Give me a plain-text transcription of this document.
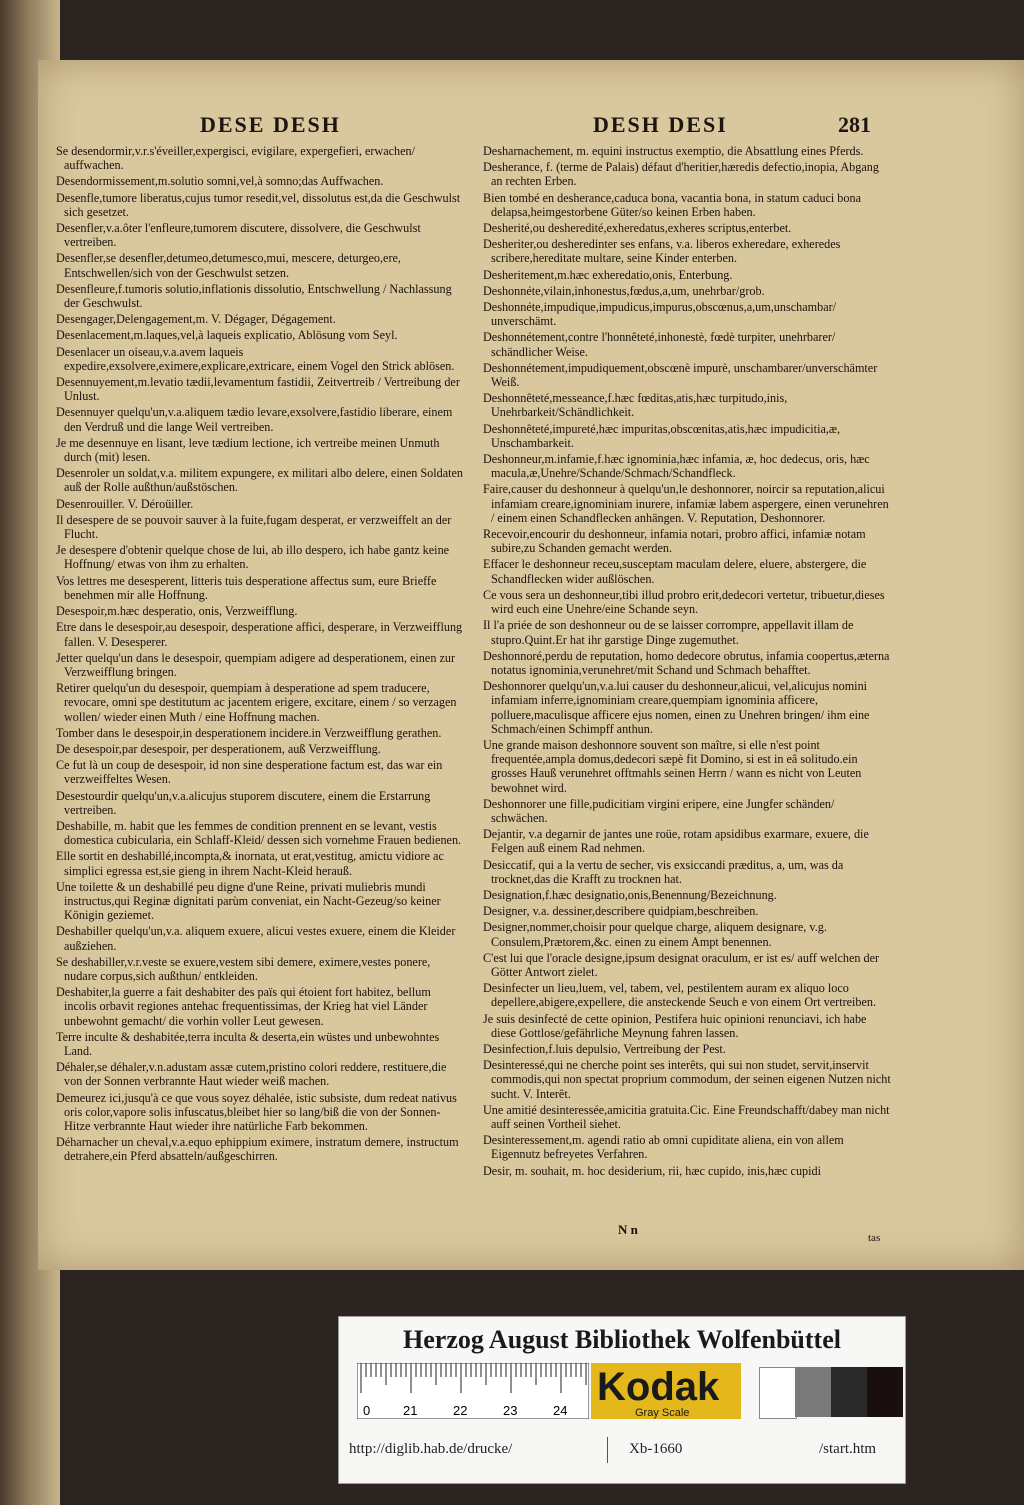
DESE DESH	DESH DESI	281

Se desendormir,v.r.s'éveiller,expergisci, evigilare, expergefieri, erwachen/ auffwachen.

Desendormissement,m.solutio somni,vel,à somno;das Auffwachen.

Desenfle,tumore liberatus,cujus tumor resedit,vel, dissolutus est,da die Geschwulst sich gesetzet.

Desenfler,v.a.ôter l'enfleure,tumorem discutere, dissolvere, die Geschwulst vertreiben.

Desenfler,se desenfler,detumeo,detumesco,mui, mescere, deturgeo,ere, Entschwellen/sich von der Geschwulst setzen.

Desenfleure,f.tumoris solutio,inflationis dissolutio, Entschwellung / Nachlassung der Geschwulst.

Desengager,Delengagement,m. V. Dégager, Dégagement.

Desenlacement,m.laques,vel,à laqueis explicatio, Ablösung vom Seyl.

Desenlacer un oiseau,v.a.avem laqueis expedire,exsolvere,eximere,explicare,extricare, einem Vogel den Strick ablösen.

Desennuyement,m.levatio tædii,levamentum fastidii, Zeitvertreib / Vertreibung der Unlust.

Desennuyer quelqu'un,v.a.aliquem tædio levare,exsolvere,fastidio liberare, einem den Verdruß und die lange Weil vertreiben.

Je me desennuye en lisant, leve tædium lectione, ich vertreibe meinen Unmuth durch (mit) lesen.

Desenroler un soldat,v.a. militem expungere, ex militari albo delere, einen Soldaten auß der Rolle außthun/außstöschen.

Desenrouiller. V. Déroüiller.

Il desespere de se pouvoir sauver à la fuite,fugam desperat, er verzweiffelt an der Flucht.

Je desespere d'obtenir quelque chose de lui, ab illo despero, ich habe gantz keine Hoffnung/ etwas von ihm zu erhalten.

Vos lettres me desesperent, litteris tuis desperatione affectus sum, eure Brieffe benehmen mir alle Hoffnung.

Desespoir,m.hæc desperatio, onis, Verzweifflung.

Etre dans le desespoir,au desespoir, desperatione affici, desperare, in Verzweifflung fallen. V. Desesperer.

Jetter quelqu'un dans le desespoir, quempiam adigere ad desperationem, einen zur Verzweifflung bringen.

Retirer quelqu'un du desespoir, quempiam à desperatione ad spem traducere, revocare, omni spe destitutum ac jacentem erigere, excitare, einem / so verzagen wollen/ wieder einen Muth / eine Hoffnung machen.

Tomber dans le desespoir,in desperationem incidere.in Verzweifflung gerathen.

De desespoir,par desespoir, per desperationem, auß Verzweifflung.

Ce fut là un coup de desespoir, id non sine desperatione factum est, das war ein verzweiffeltes Wesen.

Desestourdir quelqu'un,v.a.alicujus stuporem discutere, einem die Erstarrung vertreiben.

Deshabille, m. habit que les femmes de condition prennent en se levant, vestis domestica cubicularia, ein Schlaff-Kleid/ dessen sich vornehme Frauen bedienen.

Elle sortit en deshabillé,incompta,& inornata, ut erat,vestitug, amictu vidiore ac simplici egressa est,sie gieng in ihrem Nacht-Kleid herauß.

Une toilette & un deshabillé peu digne d'une Reine, privati muliebris mundi instructus,qui Reginæ dignitati parùm conveniat, ein Nacht-Gezeug/so keiner Königin geziemet.

Deshabiller quelqu'un,v.a. aliquem exuere, alicui vestes exuere, einem die Kleider außziehen.

Se deshabiller,v.r.veste se exuere,vestem sibi demere, eximere,vestes ponere, nudare corpus,sich außthun/ entkleiden.

Deshabiter,la guerre a fait deshabiter des païs qui étoient fort habitez, bellum incolis orbavit regiones antehac frequentissimas, der Krieg hat viel Länder unbewohnt gemacht/ die vorhin voller Leut gewesen.

Terre inculte & deshabitée,terra inculta & deserta,ein wüstes und unbewohntes Land.

Déhaler,se déhaler,v.n.adustam assæ cutem,pristino colori reddere, restituere,die von der Sonnen verbrannte Haut wieder weiß machen.

Demeurez ici,jusqu'à ce que vous soyez déhalée, istic subsiste, dum redeat nativus oris color,vapore solis infuscatus,bleibet hier so lang/biß die von der Sonnen-Hitze verbrannte Haut wieder ihre natürliche Farb bekommen.

Déharnacher un cheval,v.a.equo ephippium eximere, instratum demere, instructum detrahere,ein Pferd absatteln/außgeschirren.

Desharnachement, m. equini instructus exemptio, die Absattlung eines Pferds.

Desherance, f. (terme de Palais) défaut d'heritier,hæredis defectio,inopia, Abgang an rechten Erben.

Bien tombé en desherance,caduca bona, vacantia bona, in statum caduci bona delapsa,heimgestorbene Güter/so keinen Erben haben.

Desherité,ou desheredité,exheredatus,exheres scriptus,enterbet.

Desheriter,ou desheredinter ses enfans, v.a. liberos exheredare, exheredes scribere,hereditate multare, seine Kinder enterben.

Desheritement,m.hæc exheredatio,onis, Enterbung.

Deshonnéte,vilain,inhonestus,fœdus,a,um, unehrbar/grob.

Deshonnéte,impudique,impudicus,impurus,obscœnus,a,um,unschambar/ unverschämt.

Deshonnétement,contre l'honnêteté,inhonestè, fœdè turpiter, unehrbarer/ schändlicher Weise.

Deshonnétement,impudiquement,obscœnè impurè, unschambarer/unverschämter Weiß.

Deshonnêteté,messeance,f.hæc fœditas,atis,hæc turpitudo,inis, Unehrbarkeit/Schändlichkeit.

Deshonnêteté,impureté,hæc impuritas,obscœnitas,atis,hæc impudicitia,æ, Unschambarkeit.

Deshonneur,m.infamie,f.hæc ignominia,hæc infamia, æ, hoc dedecus, oris, hæc macula,æ,Unehre/Schande/Schmach/Schandfleck.

Faire,causer du deshonneur à quelqu'un,le deshonnorer, noircir sa reputation,alicui infamiam creare,ignominiam inurere, infamiæ labem aspergere, einen verunehren / einem einen Schandflecken anhängen. V. Reputation, Deshonnorer.

Recevoir,encourir du deshonneur, infamia notari, probro affici, infamiæ notam subire,zu Schanden gemacht werden.

Effacer le deshonneur receu,susceptam maculam delere, eluere, abstergere, die Schandflecken wider außlöschen.

Ce vous sera un deshonneur,tibi illud probro erit,dedecori vertetur, tribuetur,dieses wird euch eine Unehre/eine Schande seyn.

Il l'a priée de son deshonneur ou de se laisser corrompre, appellavit illam de stupro.Quint.Er hat ihr garstige Dinge zugemuthet.

Deshonnoré,perdu de reputation, homo dedecore obrutus, infamia coopertus,æterna notatus ignominia,verunehret/mit Schand und Schmach behafftet.

Deshonnorer quelqu'un,v.a.lui causer du deshonneur,alicui, vel,alicujus nomini infamiam inferre,ignominiam creare,quempiam ignominia afficere, polluere,maculisque afficere ejus nomen, einen zu Unehren bringen/ ihm eine Schmach/einen Schimpff anthun.

Une grande maison deshonnore souvent son maître, si elle n'est point frequentée,ampla domus,dedecori sæpè fit Domino, si est in eâ solitudo.ein grosses Hauß verunehret offtmahls seinen Herrn / wann es nicht von Leuten bewohnet wird.

Deshonnorer une fille,pudicitiam virgini eripere, eine Jungfer schänden/ schwächen.

Dejantir, v.a degarnir de jantes une roüe, rotam apsidibus exarmare, exuere, die Felgen auß einem Rad nehmen.

Desiccatif, qui a la vertu de secher, vis exsiccandi præditus, a, um, was da trocknet,das die Krafft zu trocknen hat.

Designation,f.hæc designatio,onis,Benennung/Bezeichnung.

Designer, v.a. dessiner,describere quidpiam,beschreiben.

Designer,nommer,choisir pour quelque charge, aliquem designare, v.g. Consulem,Prætorem,&c. einen zu einem Ampt benennen.

C'est lui que l'oracle designe,ipsum designat oraculum, er ist es/ auff welchen der Götter Antwort zielet.

Desinfecter un lieu,luem, vel, tabem, vel, pestilentem auram ex aliquo loco depellere,abigere,expellere, die ansteckende Seuch e von einem Ort vertreiben.

Je suis desinfecté de cette opinion, Pestifera huic opinioni renunciavi, ich habe diese Gottlose/gefährliche Meynung fahren lassen.

Desinfection,f.luis depulsio, Vertreibung der Pest.

Desinteressé,qui ne cherche point ses interêts, qui sui non studet, servit,inservit commodis,qui non spectat proprium commodum, der seinen eigenen Nutzen nicht sucht. V. Interêt.

Une amitié desinteressée,amicitia gratuita.Cic. Eine Freundschafft/dabey man nicht auff seinen Vortheil siehet.

Desinteressement,m. agendi ratio ab omni cupiditate aliena, ein von allem Eigennutz befreyetes Verfahren.

Desir, m. souhait, m. hoc desiderium, rii, hæc cupido, inis,hæc cupidi

N n
tas
Herzog August Bibliothek Wolfenbüttel
0	21	22	23	24
Kodak
Gray Scale
http://diglib.hab.de/drucke/	Xb-1660	/start.htm
